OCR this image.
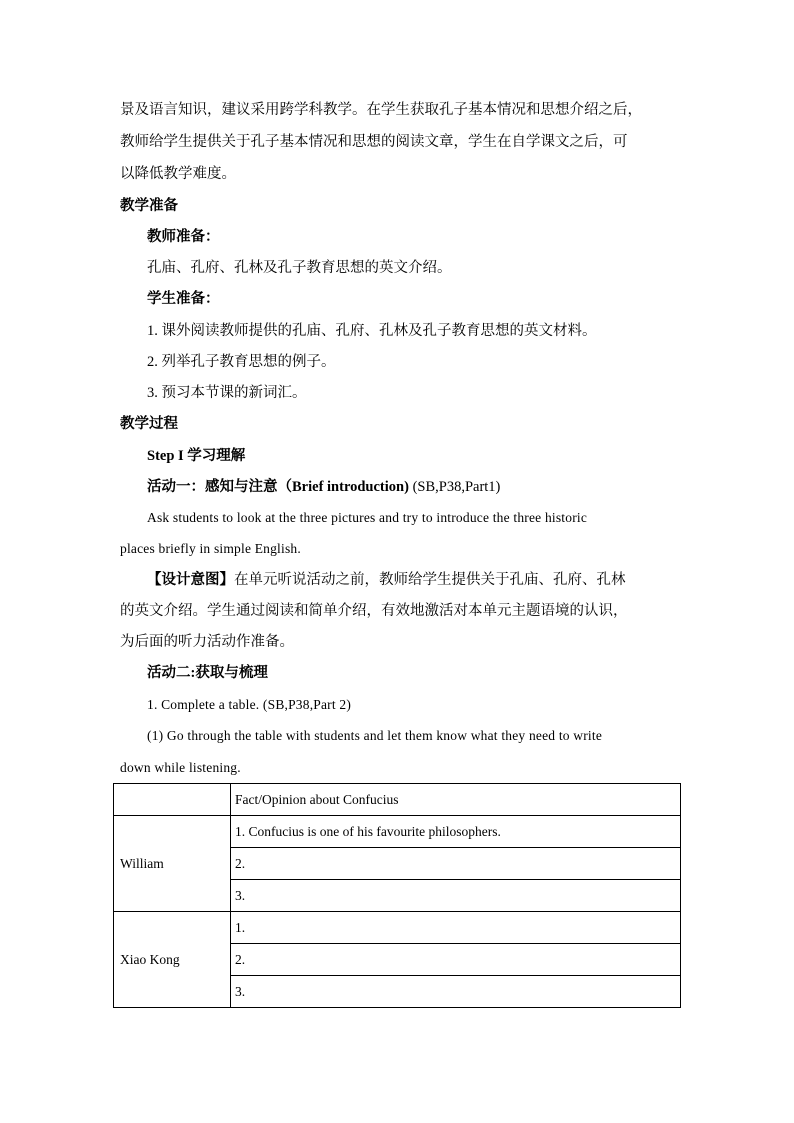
景及语言知识，建议采用跨学科教学。在学生获取孔子基本情况和思想介绍之后，
教师给学生提供关于孔子基本情况和思想的阅读文章，学生在自学课文之后，可
以降低教学难度。
教学准备
教师准备：
孔庙、孔府、孔林及孔子教育思想的英文介绍。
学生准备：
1. 课外阅读教师提供的孔庙、孔府、孔林及孔子教育思想的英文材料。
2. 列举孔子教育思想的例子。
3. 预习本节课的新词汇。
教学过程
Step I 学习理解
活动一：感知与注意（Brief introduction) (SB,P38,Part1)
Ask students to look at the three pictures and try to introduce the three historic
places briefly in simple English.
【设计意图】在单元听说活动之前，教师给学生提供关于孔庙、孔府、孔林
的英文介绍。学生通过阅读和简单介绍，有效地激活对本单元主题语境的认识，
为后面的听力活动作准备。
活动二:获取与梳理
1. Complete a table. (SB,P38,Part 2)
(1) Go through the table with students and let them know what they need to write
down while listening.
	Fact/Opinion about Confucius
William	1. Confucius is one of his favourite philosophers.
	2.
	3.
Xiao Kong	1.
	2.
	3.
